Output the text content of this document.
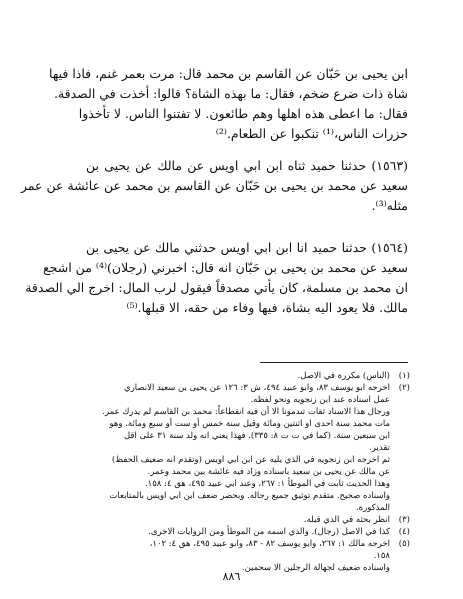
ابن يحيى بن حَبّان عن القاسم بن محمد قال: مرت بعمر غنم، فاذا فيها
شاة ذات ضرع ضخم، فقال: ما بهذه الشاة؟ قالوا: أخذت في الصدقة.
فقال: ما اعطى هذه اهلها وهم طائعون. لا تفتنوا الناس. لا تأخذوا
حزرات الناس،⁽¹⁾ تنكبوا عن الطعام.⁽²⁾
(١٥٦٣) حدثنا حميد ثناه ابن ابي اويس عن مالك عن يحيى بن
سعيد عن محمد بن يحيى بن حَبّان عن القاسم بن محمد عن عائشة عن عمر
مثله⁽³⁾.
(١٥٦٤) حدثنا حميد انا ابن ابي اويس حدثني مالك عن يحيى بن
سعيد عن محمد بن يحيى بن حَبّان انه قال: اخبرني (رجلان)⁽⁴⁾ من اشجع
ان محمد بن مسلمة، كان يأتي مصدقاً فيقول لرب المال: اخرج الي الصدقة
مالك. فلا يعود اليه بشاة، فيها وفاء من حقه، الا قبلها.⁽⁵⁾
(١)
(الناس) مكررة في الاصل.
(٢)
اخرجه ابو يوسف ٨٣، وابو عبيد ٤٩٤، ش ٣: ١٢٦ عن يحيى بن سعيد الانصاري
عمل اسناده عند ابن زنجويه ونحو لفظه.
ورجال هذا الاسناد ثقات تندمونا الا أن فيه انقطاعاً: محمد بن القاسم لم يدرك عمر.
مات محمد سنة احدى او اثنتين ومائة وقيل سنة خمس أو ست أو سبع ومائة. وهو
ابن سبعين سنة. (كما في ت ت ٨: ٣٣٥). فهذا يعني انه ولد سنة ٣١ على اقل
تقدير.
ثم اخرجه ابن زنجويه في الذي يليه عن ابن ابي اويس (وتقدم انه ضعيف الحفظ)
عن مالك عن يحيى بن سعيد باسناده وزاد فيه عائشة بين محمد وعمر.
وهذا الحديث ثابت في الموطأ ١: ٢٦٧، وعند ابي عبيد ٤٩٥، هق ٤: ١٥٨.
واسناده صحيح. متقدم توثيق جميع رجاله. وبحضر ضعف ابن ابي اويس بالمتابعات
المذكورة.
(٣)
انظر بحثه في الذي قبله.
(٤)
كذا في الاصل (رجال). والذي اسمه من الموطأ ومن الروايات الاخرى.
(٥)
اخرجه مالك ١: ٢٦٧، وابو يوسف ٨٢ - ٨٣، وابو عبيد ٤٩٥، هق ٤: ١٠٢،
١٥٨.
واسناده ضعيف لجهالة الرجلين الا سحمين.
٨٨٦
